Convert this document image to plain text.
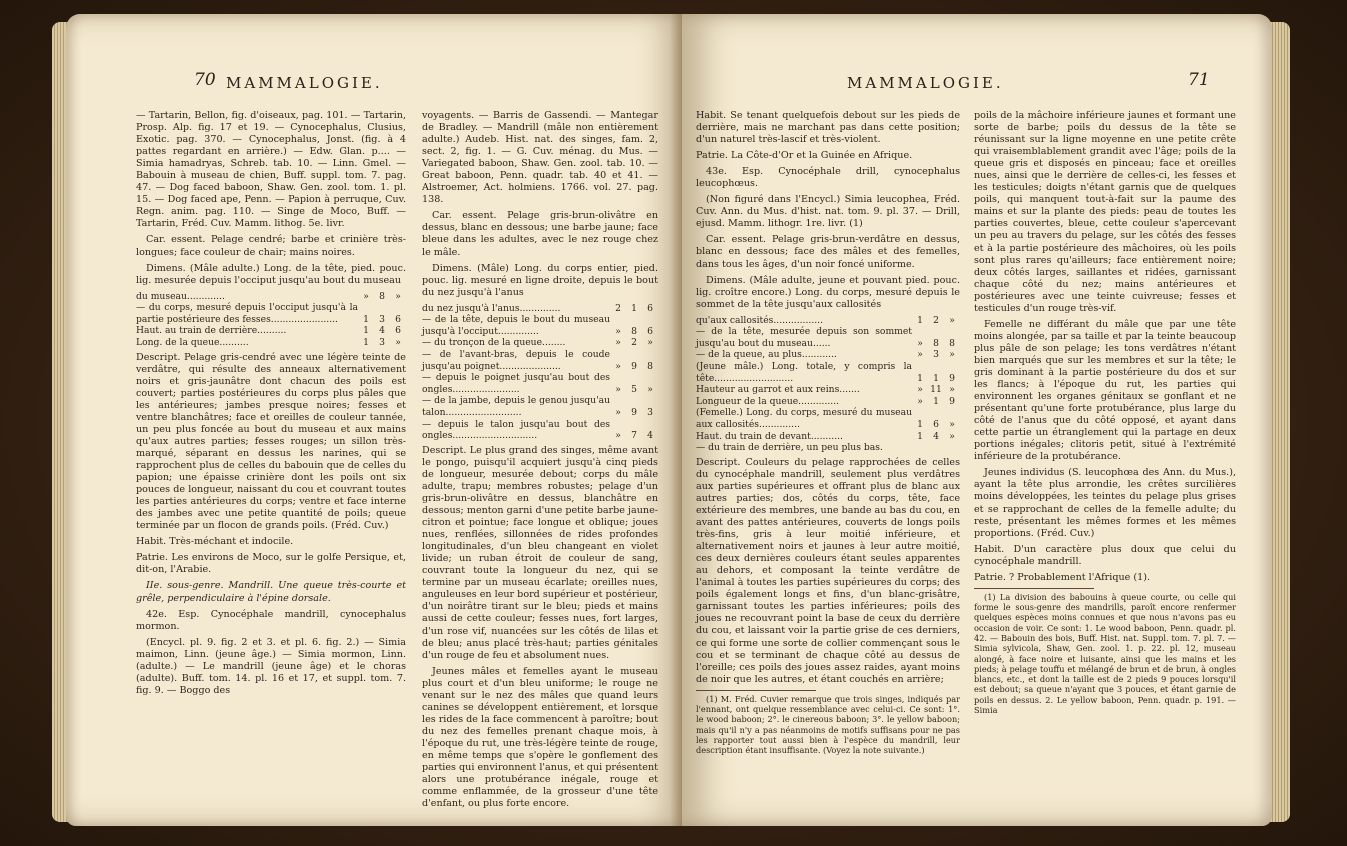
70 MAMMALOGIE.

— Tartarin, Bellon, fig. d'oiseaux, pag. 101. — Tartarin, Prosp. Alp. fig. 17 et 19. — Cynocephalus, Clusius, Exotic. pag. 370. — Cynocephalus, Jonst. (fig. à 4 pattes regardant en arrière.) — Edw. Glan. p.... — Simia hamadryas, Schreb. tab. 10. — Linn. Gmel. — Babouin à museau de chien, Buff. suppl. tom. 7. pag. 47. — Dog faced baboon, Shaw. Gen. zool. tom. 1. pl. 15. — Dog faced ape, Penn. — Papion à perruque, Cuv. Regn. anim. pag. 110. — Singe de Moco, Buff. — Tartarin, Fréd. Cuv. Mamm. lithog. 5e. livr.

Car. essent. Pelage cendré; barbe et crinière très-longues; face couleur de chair; mains noires.

Dimens. (Mâle adulte.) Long. de la tête, pied. pouc. lig. mesurée depuis l'occiput jusqu'au bout du museau

du museau.............	»	8	»
— du corps, mesuré depuis l'occiput jusqu'à la partie postérieure des fesses.......................	1	3	6
Haut. au train de derrière..........	1	4	6
Long. de la queue..........	1	3	»

Descript. Pelage gris-cendré avec une légère teinte de verdâtre, qui résulte des anneaux alternativement noirs et gris-jaunâtre dont chacun des poils est couvert; parties postérieures du corps plus pâles que les antérieures; jambes presque noires; fesses et ventre blanchâtres; face et oreilles de couleur tannée, un peu plus foncée au bout du museau et aux mains qu'aux autres parties; fesses rouges; un sillon très-marqué, séparant en dessus les narines, qui se rapprochent plus de celles du babouin que de celles du papion; une épaisse crinière dont les poils ont six pouces de longueur, naissant du cou et couvrant toutes les parties antérieures du corps; ventre et face interne des jambes avec une petite quantité de poils; queue terminée par un flocon de grands poils. (Fréd. Cuv.)

Habit. Très-méchant et indocile.

Patrie. Les environs de Moco, sur le golfe Persique, et, dit-on, l'Arabie.

IIe. sous-genre. Mandrill. Une queue très-courte et grêle, perpendiculaire à l'épine dorsale.

42e. Esp. Cynocéphale mandrill, cynocephalus mormon.

(Encycl. pl. 9. fig. 2 et 3. et pl. 6. fig. 2.) — Simia maimon, Linn. (jeune âge.) — Simia mormon, Linn. (adulte.) — Le mandrill (jeune âge) et le choras (adulte). Buff. tom. 14. pl. 16 et 17, et suppl. tom. 7. fig. 9. — Boggo des

voyagents. — Barris de Gassendi. — Mantegar de Bradley. — Mandrill (mâle non entièrement adulte.) Audeb. Hist. nat. des singes, fam. 2, sect. 2, fig. 1. — G. Cuv. ménag. du Mus. — Variegated baboon, Shaw. Gen. zool. tab. 10. — Great baboon, Penn. quadr. tab. 40 et 41. — Alstroemer, Act. holmiens. 1766. vol. 27. pag. 138.

Car. essent. Pelage gris-brun-olivâtre en dessus, blanc en dessous; une barbe jaune; face bleue dans les adultes, avec le nez rouge chez le mâle.

Dimens. (Mâle) Long. du corps entier, pied. pouc. lig. mesuré en ligne droite, depuis le bout du nez jusqu'à l'anus

du nez jusqu'à l'anus..............	2	1	6
— de la tête, depuis le bout du museau jusqu'à l'occiput..............	»	8	6
— du tronçon de la queue........	»	2	»
— de l'avant-bras, depuis le coude jusqu'au poignet.....................	»	9	8
— depuis le poignet jusqu'au bout des ongles.......................	»	5	»
— de la jambe, depuis le genou jusqu'au talon..........................	»	9	3
— depuis le talon jusqu'au bout des ongles.............................	»	7	4

Descript. Le plus grand des singes, même avant le pongo, puisqu'il acquiert jusqu'à cinq pieds de longueur, mesurée debout; corps du mâle adulte, trapu; membres robustes; pelage d'un gris-brun-olivâtre en dessus, blanchâtre en dessous; menton garni d'une petite barbe jaune-citron et pointue; face longue et oblique; joues nues, renflées, sillonnées de rides profondes longitudinales, d'un bleu changeant en violet livide; un ruban étroit de couleur de sang, couvrant toute la longueur du nez, qui se termine par un museau écarlate; oreilles nues, anguleuses en leur bord supérieur et postérieur, d'un noirâtre tirant sur le bleu; pieds et mains aussi de cette couleur; fesses nues, fort larges, d'un rose vif, nuancées sur les côtés de lilas et de bleu; anus placé très-haut; parties génitales d'un rouge de feu et absolument nues.

Jeunes mâles et femelles ayant le museau plus court et d'un bleu uniforme; le rouge ne venant sur le nez des mâles que quand leurs canines se développent entièrement, et lorsque les rides de la face commencent à paroître; bout du nez des femelles prenant chaque mois, à l'époque du rut, une très-légère teinte de rouge, en même temps que s'opère le gonflement des parties qui environnent l'anus, et qui présentent alors une protubérance inégale, rouge et comme enflammée, de la grosseur d'une tête d'enfant, ou plus forte encore.

MAMMALOGIE.	71

Habit. Se tenant quelquefois debout sur les pieds de derrière, mais ne marchant pas dans cette position; d'un naturel très-lascif et très-violent.

Patrie. La Côte-d'Or et la Guinée en Afrique.

43e. Esp. Cynocéphale drill, cynocephalus leucophœus.

(Non figuré dans l'Encycl.) Simia leucophea, Fréd. Cuv. Ann. du Mus. d'hist. nat. tom. 9. pl. 37. — Drill, ejusd. Mamm. lithogr. 1re. livr. (1)

Car. essent. Pelage gris-brun-verdâtre en dessus, blanc en dessous; face des mâles et des femelles, dans tous les âges, d'un noir foncé uniforme.

Dimens. (Mâle adulte, jeune et pouvant pied. pouc. lig. croître encore.) Long. du corps, mesuré depuis le sommet de la tête jusqu'aux callosités

qu'aux callosités.................	1	2	»
— de la tête, mesurée depuis son sommet jusqu'au bout du museau......	»	8	8
— de la queue, au plus............	»	3	»
(Jeune mâle.) Long. totale, y compris la tête...........................	1	1	9
Hauteur au garrot et aux reins.......	»	11	»
Longueur de la queue..............	»	1	9
(Femelle.) Long. du corps, mesuré du museau aux callosités..............	1	6	»
Haut. du train de devant...........	1	4	»
— du train de derrière, un peu plus bas.			

Descript. Couleurs du pelage rapprochées de celles du cynocéphale mandrill, seulement plus verdâtres aux parties supérieures et offrant plus de blanc aux autres parties; dos, côtés du corps, tête, face extérieure des membres, une bande au bas du cou, en avant des pattes antérieures, couverts de longs poils très-fins, gris à leur moitié inférieure, et alternativement noirs et jaunes à leur autre moitié, ces deux dernières couleurs étant seules apparentes au dehors, et composant la teinte verdâtre de l'animal à toutes les parties supérieures du corps; des poils également longs et fins, d'un blanc-grisâtre, garnissant toutes les parties inférieures; poils des joues ne recouvrant point la base de ceux du derrière du cou, et laissant voir la partie grise de ces derniers, ce qui forme une sorte de collier commençant sous le cou et se terminant de chaque côté au dessus de l'oreille; ces poils des joues assez raides, ayant moins de noir que les autres, et étant couchés en arrière;

(1) M. Fréd. Cuvier remarque que trois singes, indiqués par l'ennant, ont quelque ressemblance avec celui-ci. Ce sont: 1°. le wood baboon; 2°. le cinereous baboon; 3°. le yellow baboon; mais qu'il n'y a pas néanmoins de motifs suffisans pour ne pas les rapporter tout aussi bien à l'espèce du mandrill, leur description étant insuffisante. (Voyez la note suivante.)

poils de la mâchoire inférieure jaunes et formant une sorte de barbe; poils du dessus de la tête se réunissant sur la ligne moyenne en une petite crête qui vraisemblablement grandit avec l'âge; poils de la queue gris et disposés en pinceau; face et oreilles nues, ainsi que le derrière de celles-ci, les fesses et les testicules; doigts n'étant garnis que de quelques poils, qui manquent tout-à-fait sur la paume des mains et sur la plante des pieds: peau de toutes les parties couvertes, bleue, cette couleur s'apercevant un peu au travers du pelage, sur les côtés des fesses et à la partie postérieure des mâchoires, où les poils sont plus rares qu'ailleurs; face entièrement noire; deux côtés larges, saillantes et ridées, garnissant chaque côté du nez; mains antérieures et postérieures avec une teinte cuivreuse; fesses et testicules d'un rouge très-vif.

Femelle ne différant du mâle que par une tête moins alongée, par sa taille et par la teinte beaucoup plus pâle de son pelage; les tons verdâtres n'étant bien marqués que sur les membres et sur la tête; le gris dominant à la partie postérieure du dos et sur les flancs; à l'époque du rut, les parties qui environnent les organes génitaux se gonflant et ne présentant qu'une forte protubérance, plus large du côté de l'anus que du côté opposé, et ayant dans cette partie un étranglement qui la partage en deux portions inégales; clitoris petit, situé à l'extrémité inférieure de la protubérance.

Jeunes individus (S. leucophœa des Ann. du Mus.), ayant la tête plus arrondie, les crêtes surcilières moins développées, les teintes du pelage plus grises et se rapprochant de celles de la femelle adulte; du reste, présentant les mêmes formes et les mêmes proportions. (Fréd. Cuv.)

Habit. D'un caractère plus doux que celui du cynocéphale mandrill.

Patrie. ? Probablement l'Afrique (1).

(1) La division des babouins à queue courte, ou celle qui forme le sous-genre des mandrills, paroît encore renfermer quelques espèces moins connues et que nous n'avons pas eu occasion de voir. Ce sont: 1. Le wood baboon, Penn. quadr. pl. 42. — Babouin des bois, Buff. Hist. nat. Suppl. tom. 7. pl. 7. — Simia sylvicola, Shaw, Gen. zool. 1. p. 22. pl. 12, museau alongé, à face noire et luisante, ainsi que les mains et les pieds; à pelage touffu et mélangé de brun et de brun, à ongles blancs, etc., et dont la taille est de 2 pieds 9 pouces lorsqu'il est debout; sa queue n'ayant que 3 pouces, et étant garnie de poils en dessus. 2. Le yellow baboon, Penn. quadr. p. 191. — Simia
